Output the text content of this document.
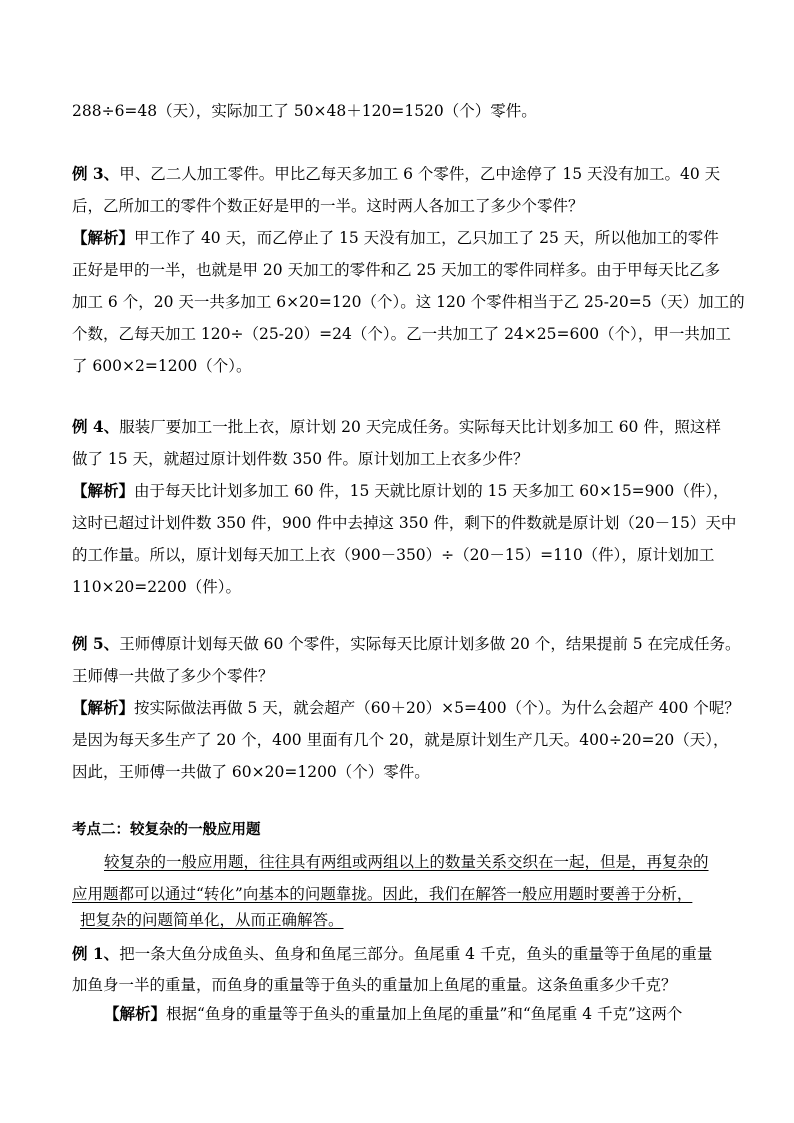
288÷6=48（天），实际加工了 50×48＋120=1520（个）零件。
例 3、甲、乙二人加工零件。甲比乙每天多加工 6 个零件，乙中途停了 15 天没有加工。40 天
后，乙所加工的零件个数正好是甲的一半。这时两人各加工了多少个零件？
【解析】甲工作了 40 天，而乙停止了 15 天没有加工，乙只加工了 25 天，所以他加工的零件
正好是甲的一半，也就是甲 20 天加工的零件和乙 25 天加工的零件同样多。由于甲每天比乙多
加工 6 个，20 天一共多加工 6×20=120（个）。这 120 个零件相当于乙 25-20=5（天）加工的
个数，乙每天加工 120÷（25-20）=24（个）。乙一共加工了 24×25=600（个），甲一共加工
了 600×2=1200（个）。
例 4、服装厂要加工一批上衣，原计划 20 天完成任务。实际每天比计划多加工 60 件，照这样
做了 15 天，就超过原计划件数 350 件。原计划加工上衣多少件？
【解析】由于每天比计划多加工 60 件，15 天就比原计划的 15 天多加工 60×15=900（件），
这时已超过计划件数 350 件，900 件中去掉这 350 件，剩下的件数就是原计划（20－15）天中
的工作量。所以，原计划每天加工上衣（900－350）÷（20－15）=110（件），原计划加工
110×20=2200（件）。
例 5、王师傅原计划每天做 60 个零件，实际每天比原计划多做 20 个，结果提前 5 在完成任务。
王师傅一共做了多少个零件？
【解析】按实际做法再做 5 天，就会超产（60＋20）×5=400（个）。为什么会超产 400 个呢？
是因为每天多生产了 20 个，400 里面有几个 20，就是原计划生产几天。400÷20=20（天），
因此，王师傅一共做了 60×20=1200（个）零件。
考点二：较复杂的一般应用题
较复杂的一般应用题，往往具有两组或两组以上的数量关系交织在一起，但是，再复杂的
应用题都可以通过“转化”向基本的问题靠拢。因此，我们在解答一般应用题时要善于分析，
把复杂的问题简单化，从而正确解答。
例 1、把一条大鱼分成鱼头、鱼身和鱼尾三部分。鱼尾重 4 千克，鱼头的重量等于鱼尾的重量
加鱼身一半的重量，而鱼身的重量等于鱼头的重量加上鱼尾的重量。这条鱼重多少千克？
【解析】根据“鱼身的重量等于鱼头的重量加上鱼尾的重量”和“鱼尾重 4 千克”这两个
